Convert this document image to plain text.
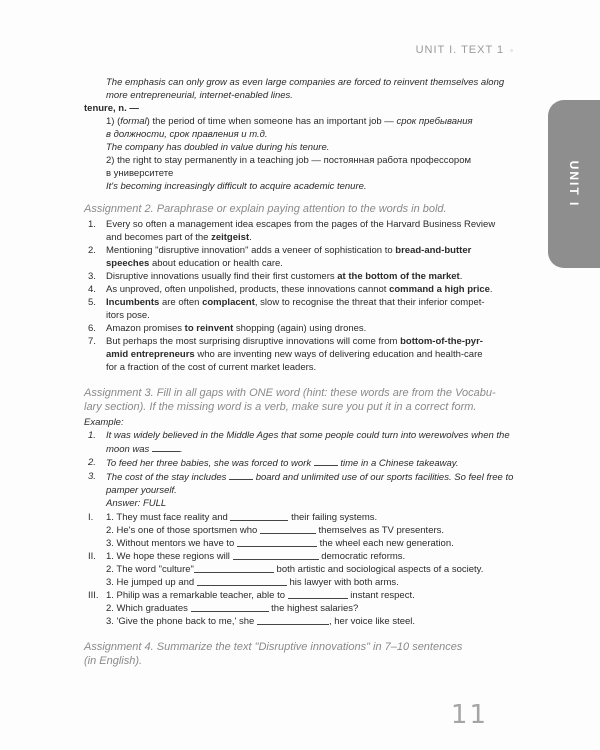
UNIT I. TEXT 1 ◦
UNIT I
The emphasis can only grow as even large companies are forced to reinvent themselves along
more entrepreneurial, internet-enabled lines.
tenure, n. —
1) (formal) the period of time when someone has an important job — срок пребывания
в должности, срок правления и т.д.
The company has doubled in value during his tenure.
2) the right to stay permanently in a teaching job — постоянная работа профессором
в университете
It's becoming increasingly difficult to acquire academic tenure.
Assignment 2. Paraphrase or explain paying attention to the words in bold.
1. Every so often a management idea escapes from the pages of the Harvard Business Review
and becomes part of the zeitgeist.
2. Mentioning "disruptive innovation" adds a veneer of sophistication to bread-and-butter
speeches about education or health care.
3. Disruptive innovations usually find their first customers at the bottom of the market.
4. As unproved, often unpolished, products, these innovations cannot command a high price.
5. Incumbents are often complacent, slow to recognise the threat that their inferior compet-
itors pose.
6. Amazon promises to reinvent shopping (again) using drones.
7. But perhaps the most surprising disruptive innovations will come from bottom-of-the-pyr-
amid entrepreneurs who are inventing new ways of delivering education and health-care
for a fraction of the cost of current market leaders.
Assignment 3. Fill in all gaps with ONE word (hint: these words are from the Vocabu-
lary section). If the missing word is a verb, make sure you put it in a correct form.
Example:
1. It was widely believed in the Middle Ages that some people could turn into werewolves when the
moon was	.
2. To feed her three babies, she was forced to work	time in a Chinese takeaway.
3. The cost of the stay includes	board and unlimited use of our sports facilities. So feel free to
pamper yourself.
Answer: FULL
I. 1. They must face reality and

	their failing systems.
2. He's one of those sportsmen who

	themselves as TV presenters.
3. Without mentors we have to

	the wheel each new generation.
II. 1. We hope these regions will

	democratic reforms.
2. The word "culture"
	both artistic and sociological aspects of a society.
3. He jumped up and

	his lawyer with both arms.
III. 1. Philip was a remarkable teacher, able to

	instant respect.
2. Which graduates

	the highest salaries?
3. 'Give the phone back to me,' she
	, her voice like steel.
Assignment 4. Summarize the text "Disruptive innovations" in 7–10 sentences
(in English).
11
